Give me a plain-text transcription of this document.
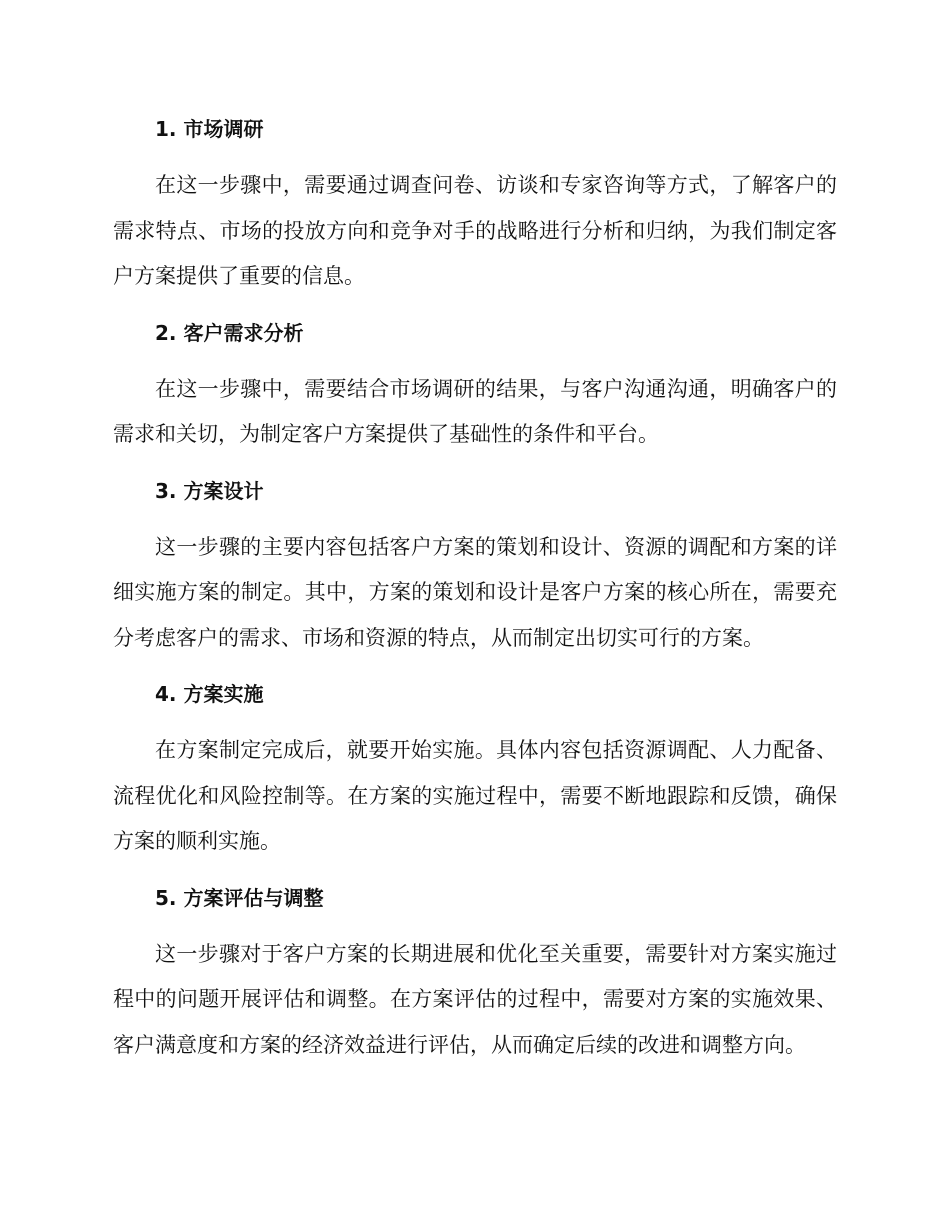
1. 市场调研

在这一步骤中，需要通过调查问卷、访谈和专家咨询等方式，了解客户的需求特点、市场的投放方向和竞争对手的战略进行分析和归纳，为我们制定客户方案提供了重要的信息。

2. 客户需求分析

在这一步骤中，需要结合市场调研的结果，与客户沟通沟通，明确客户的需求和关切，为制定客户方案提供了基础性的条件和平台。

3. 方案设计

这一步骤的主要内容包括客户方案的策划和设计、资源的调配和方案的详细实施方案的制定。其中，方案的策划和设计是客户方案的核心所在，需要充分考虑客户的需求、市场和资源的特点，从而制定出切实可行的方案。

4. 方案实施

在方案制定完成后，就要开始实施。具体内容包括资源调配、人力配备、流程优化和风险控制等。在方案的实施过程中，需要不断地跟踪和反馈，确保方案的顺利实施。

5. 方案评估与调整

这一步骤对于客户方案的长期进展和优化至关重要，需要针对方案实施过程中的问题开展评估和调整。在方案评估的过程中，需要对方案的实施效果、客户满意度和方案的经济效益进行评估，从而确定后续的改进和调整方向。
